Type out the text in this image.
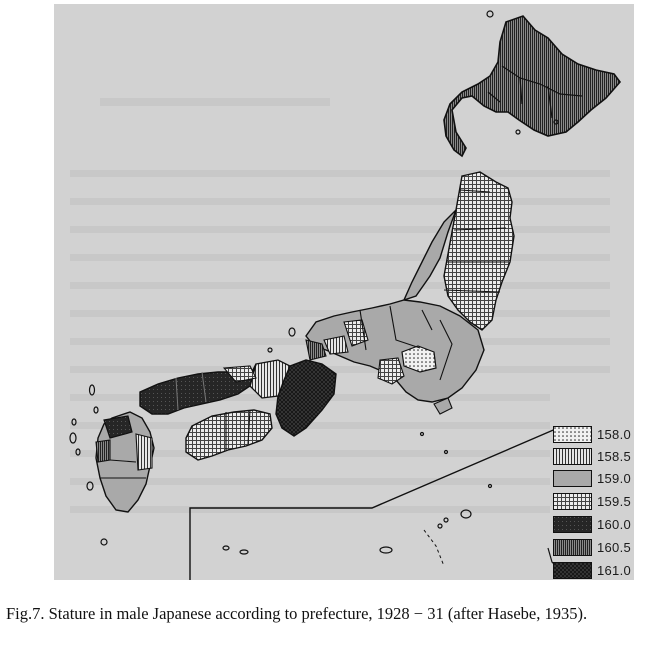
158.0
158.5
159.0
159.5
160.0
160.5
161.0
Fig.7. Stature in male Japanese according to prefecture, 1928 − 31 (after Hasebe, 1935).
